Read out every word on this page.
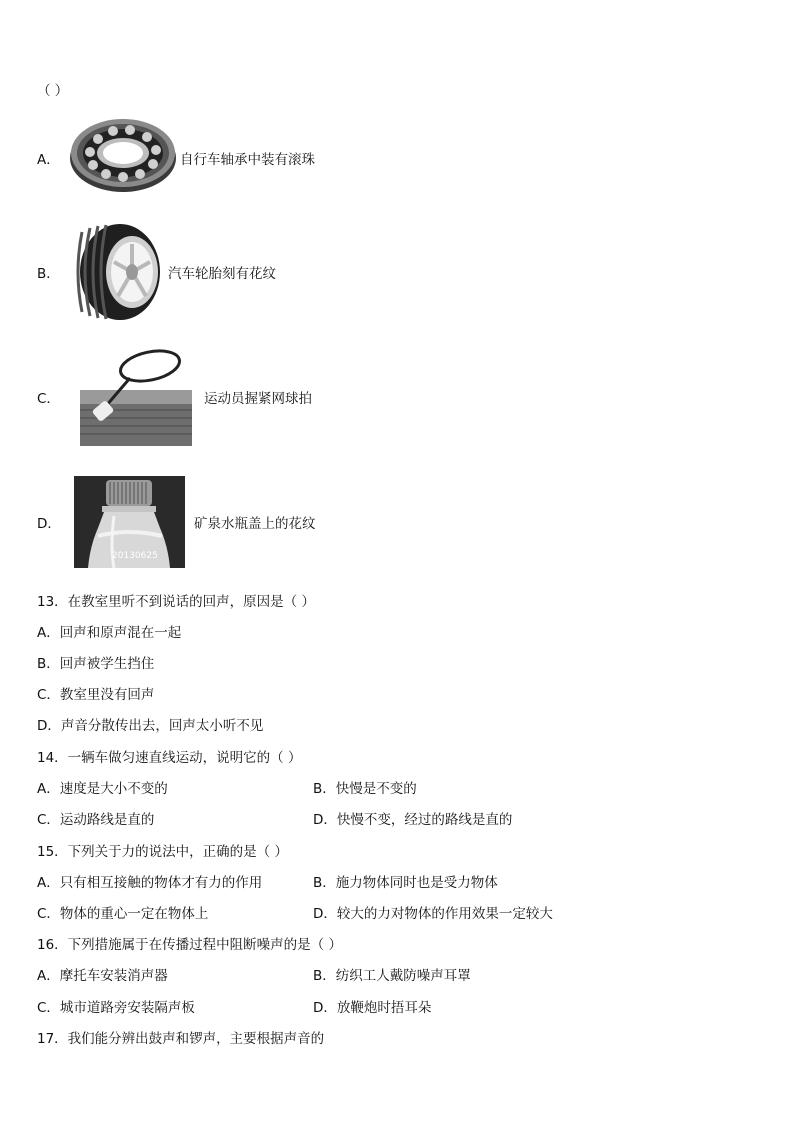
（ ）
A．	自行车轴承中装有滚珠
B．	汽车轮胎刻有花纹
C．	运动员握紧网球拍
D．
20130625
矿泉水瓶盖上的花纹
13．在教室里听不到说话的回声，原因是（ ）
A．回声和原声混在一起
B．回声被学生挡住
C．教室里没有回声
D．声音分散传出去，回声太小听不见
14．一辆车做匀速直线运动，说明它的（ ）
A．速度是大小不变的	B．快慢是不变的
C．运动路线是直的	D．快慢不变，经过的路线是直的
15．下列关于力的说法中，正确的是（ ）
A．只有相互接触的物体才有力的作用	B．施力物体同时也是受力物体
C．物体的重心一定在物体上	D．较大的力对物体的作用效果一定较大
16．下列措施属于在传播过程中阻断噪声的是（ ）
A．摩托车安装消声器	B．纺织工人戴防噪声耳罩
C．城市道路旁安装隔声板	D．放鞭炮时捂耳朵
17．我们能分辨出鼓声和锣声，主要根据声音的
